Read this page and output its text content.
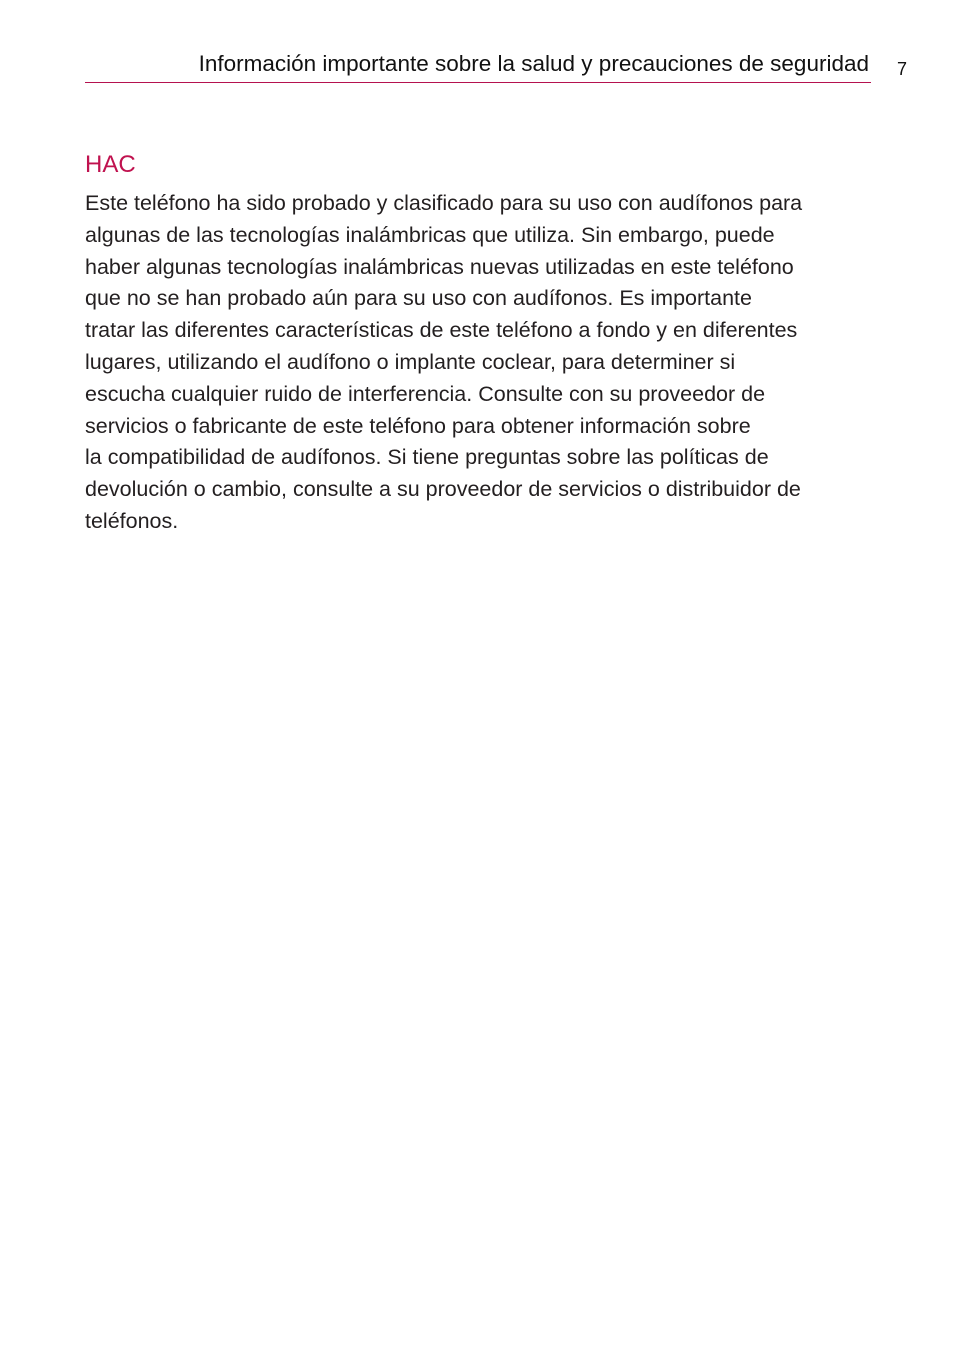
Información importante sobre la salud y precauciones de seguridad 7
HAC

Este teléfono ha sido probado y clasificado para su uso con audífonos para
algunas de las tecnologías inalámbricas que utiliza. Sin embargo, puede
haber algunas tecnologías inalámbricas nuevas utilizadas en este teléfono
que no se han probado aún para su uso con audífonos. Es importante
tratar las diferentes características de este teléfono a fondo y en diferentes
lugares, utilizando el audífono o implante coclear, para determiner si
escucha cualquier ruido de interferencia. Consulte con su proveedor de
servicios o fabricante de este teléfono para obtener información sobre
la compatibilidad de audífonos. Si tiene preguntas sobre las políticas de
devolución o cambio, consulte a su proveedor de servicios o distribuidor de
teléfonos.
